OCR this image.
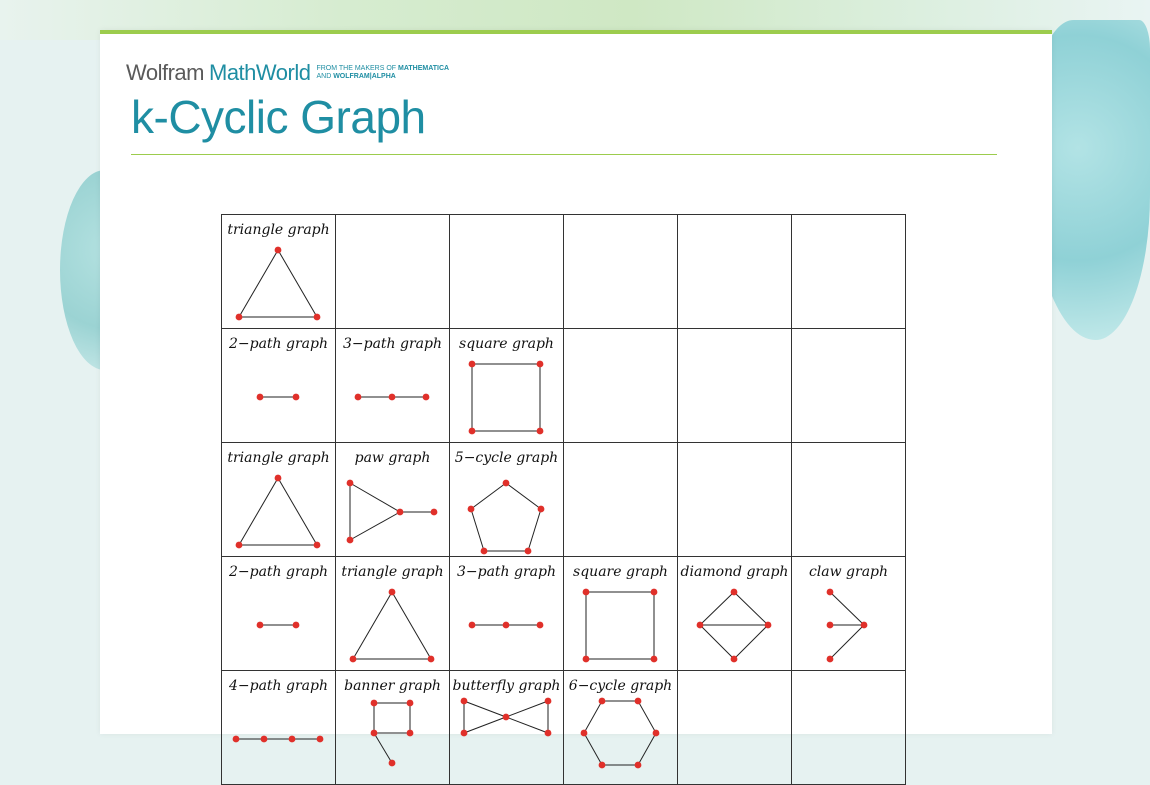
Wolfram MathWorld FROM THE MAKERS OF MATHEMATICA
AND WOLFRAM|ALPHA
k-Cyclic Graph
triangle graph					

2−path graph	3−path graph	square graph			

triangle graph	paw graph	5−cycle graph			

2−path graph	triangle graph	3−path graph	square graph	diamond graph	claw graph

4−path graph	banner graph	butterfly graph	6−cycle graph		
